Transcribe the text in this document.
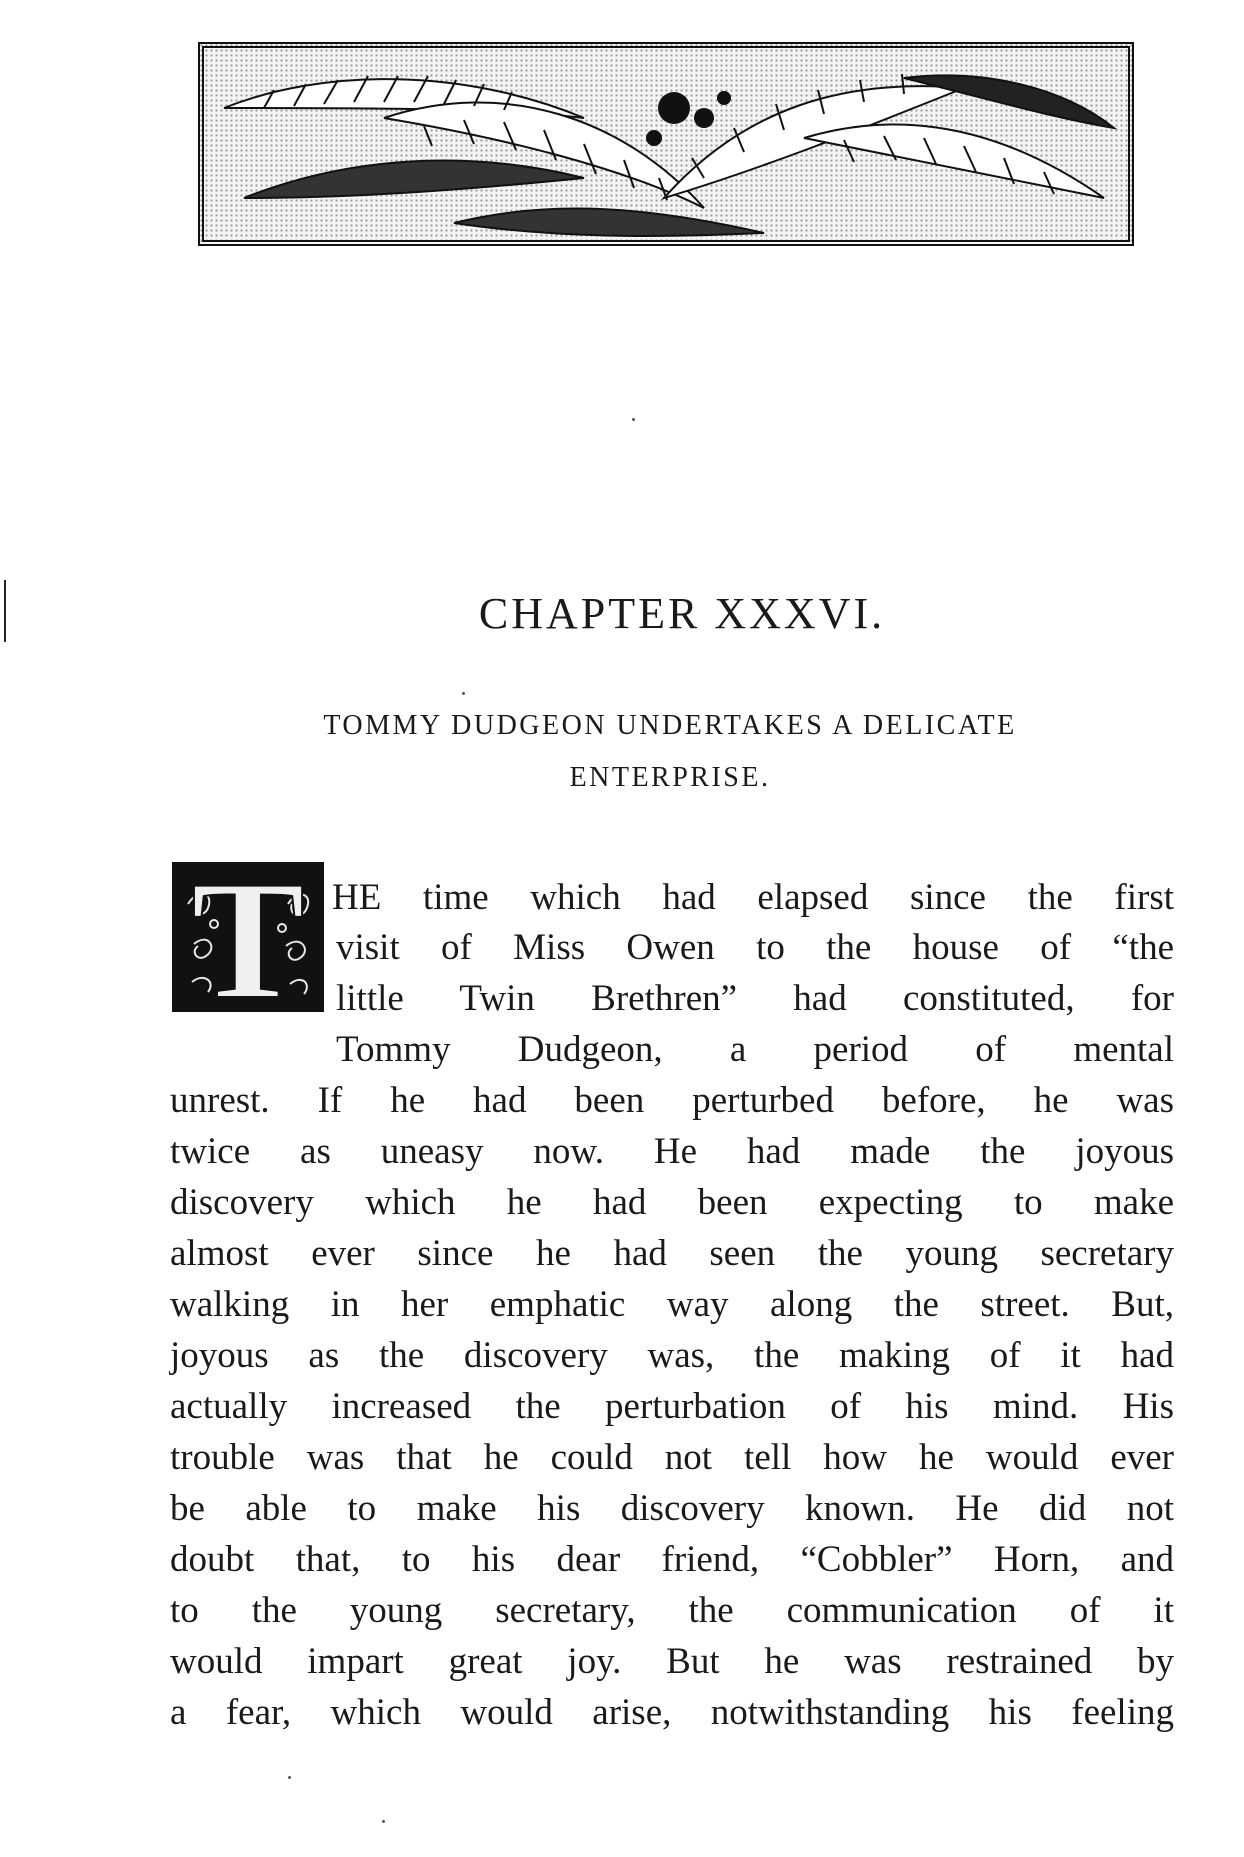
CHAPTER XXXVI.
TOMMY DUDGEON UNDERTAKES A DELICATE
ENTERPRISE.
T HE time which had elapsed since the first
visit of Miss Owen to the house of “the
little Twin Brethren” had constituted, for
Tommy Dudgeon, a period of mental
unrest. If he had been perturbed before, he was
twice as uneasy now. He had made the joyous
discovery which he had been expecting to make
almost ever since he had seen the young secretary
walking in her emphatic way along the street. But,
joyous as the discovery was, the making of it had
actually increased the perturbation of his mind. His
trouble was that he could not tell how he would ever
be able to make his discovery known. He did not
doubt that, to his dear friend, “Cobbler” Horn, and
to the young secretary, the communication of it
would impart great joy. But he was restrained by
a fear, which would arise, notwithstanding his feeling
